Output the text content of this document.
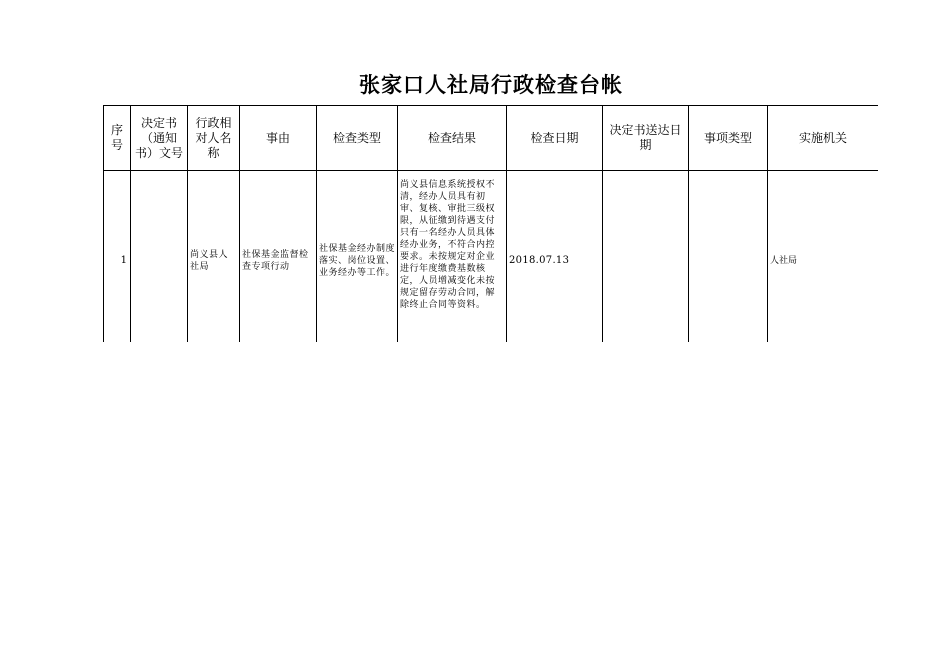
张家口人社局行政检查台帐
序号	决定书（通知书）文号	行政相对人名称	事由	检查类型	检查结果	检查日期	决定书送达日期	事项类型	实施机关
1		尚义县人社局	社保基金监督检查专项行动	社保基金经办制度落实、岗位设置、业务经办等工作。	尚义县信息系统授权不清，经办人员具有初审、复核、审批三级权限，从征缴到待遇支付只有一名经办人员具体经办业务，不符合内控要求。未按规定对企业进行年度缴费基数核定，人员增减变化未按规定留存劳动合同，解除终止合同等资料。	2018.07.13			人社局
